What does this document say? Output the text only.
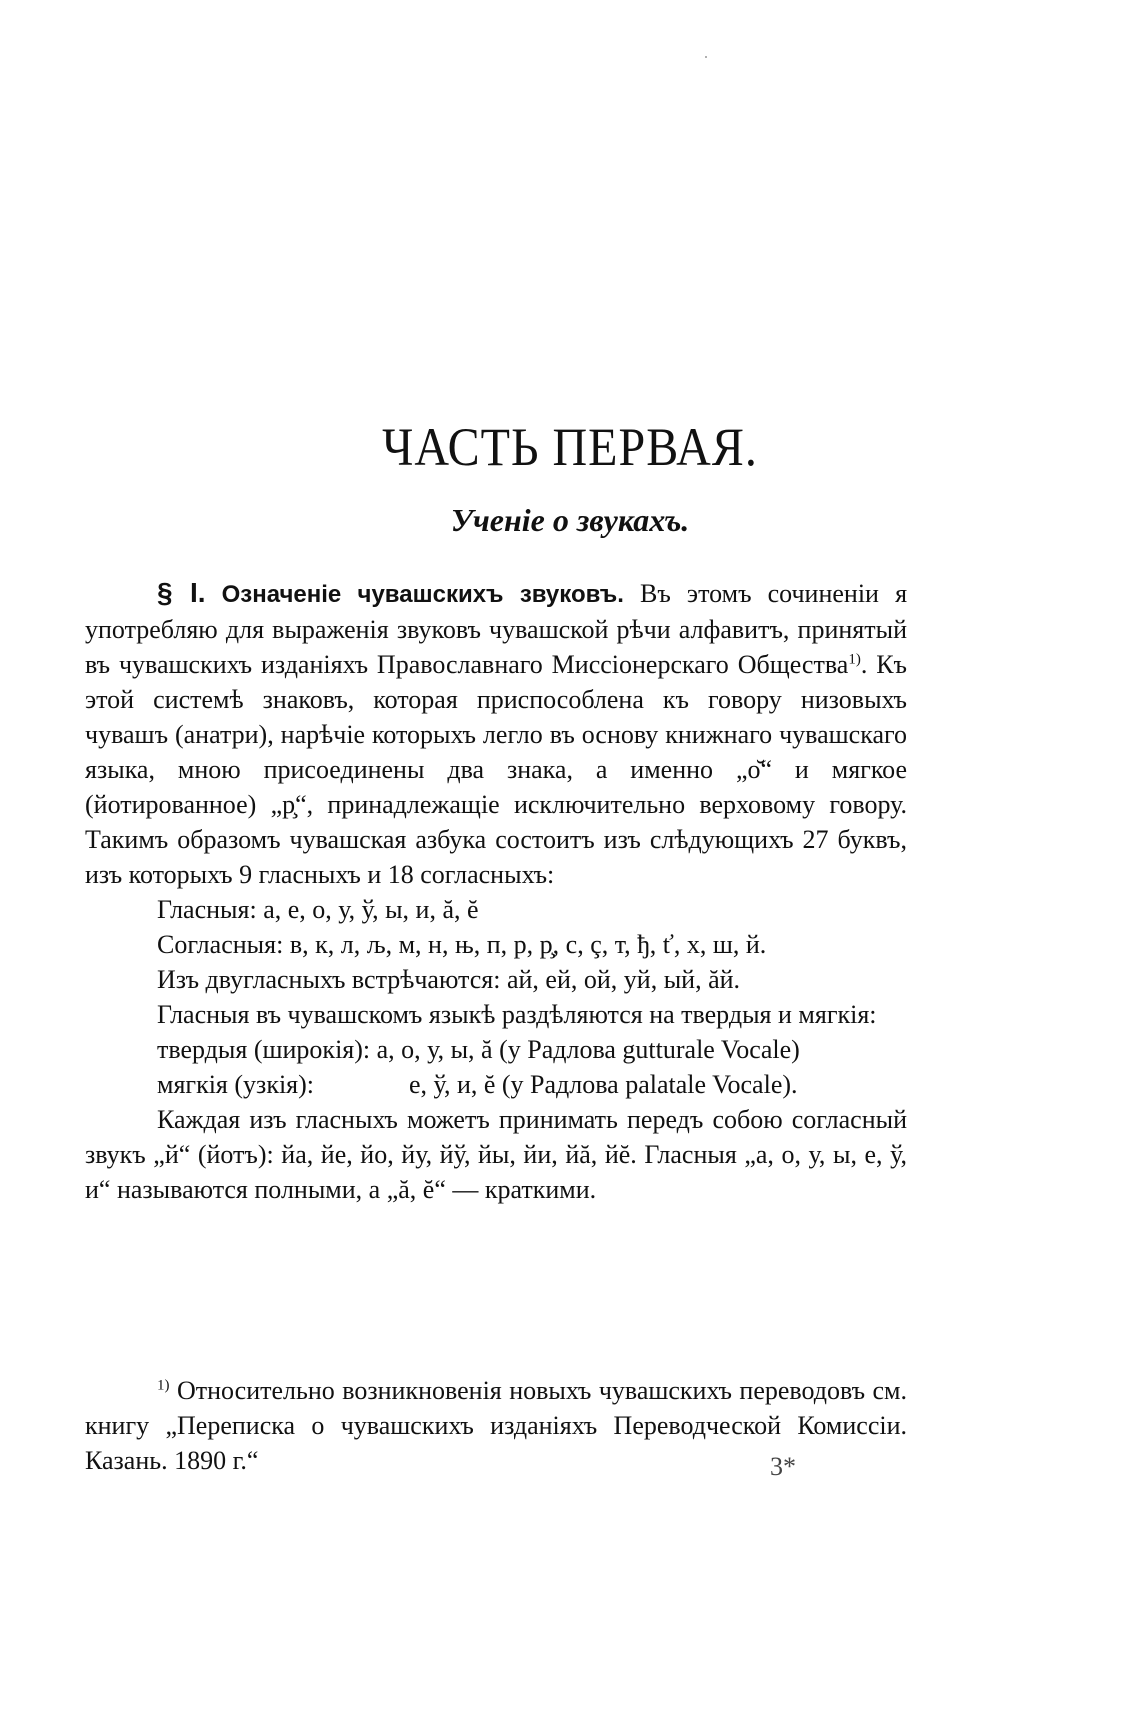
ЧАСТЬ ПЕРВАЯ.
Ученіе о звукахъ.

§ I. Означеніе чувашскихъ звуковъ. Въ этомъ сочиненіи я употребляю для выраженія звуковъ чувашской рѣчи алфавитъ, принятый въ чувашскихъ изданіяхъ Православнаго Миссіонерскаго Общества$^{1)}$. Къ этой системѣ знаковъ, которая приспособлена къ говору низовыхъ чувашъ (анатри), нарѣчіе которыхъ легло въ основу книжнаго чувашскаго языка, мною присоединены два знака, а именно „о̆“ и мягкое (йотированное) „р̧“, принадлежащіе исключительно верховому говору. Такимъ образомъ чувашская азбука состоитъ изъ слѣдующихъ 27 буквъ, изъ которыхъ 9 гласныхъ и 18 согласныхъ:

Гласныя: а, е, о, у, ў, ы, и, ă, ĕ

Согласныя: в, к, л, љ, м, н, њ, п, р, р̧, с, ç, т, ђ, ť, х, ш, й.

Изъ двугласныхъ встрѣчаются: ай, ей, ой, уй, ый, ăй.

Гласныя въ чувашскомъ языкѣ раздѣляются на твердыя и мягкія:

твердыя (широкія): а, о, у, ы, ă (у Радлова gutturale Vocale)

мягкія (узкія):	е, ў, и, ĕ (у Радлова palatale Vocale).

Каждая изъ гласныхъ можетъ принимать передъ собою согласный звукъ „й“ (йотъ): йа, йе, йо, йу, йў, йы, йи, йă, йĕ. Гласныя „а, о, у, ы, е, ў, и“ называются полными, а „ă, ĕ“ — краткими.

$^{1)}$ Относительно возникновенія новыхъ чувашскихъ переводовъ см. книгу „Переписка о чувашскихъ изданіяхъ Переводческой Комиссіи. Казань. 1890 г.“	3*
